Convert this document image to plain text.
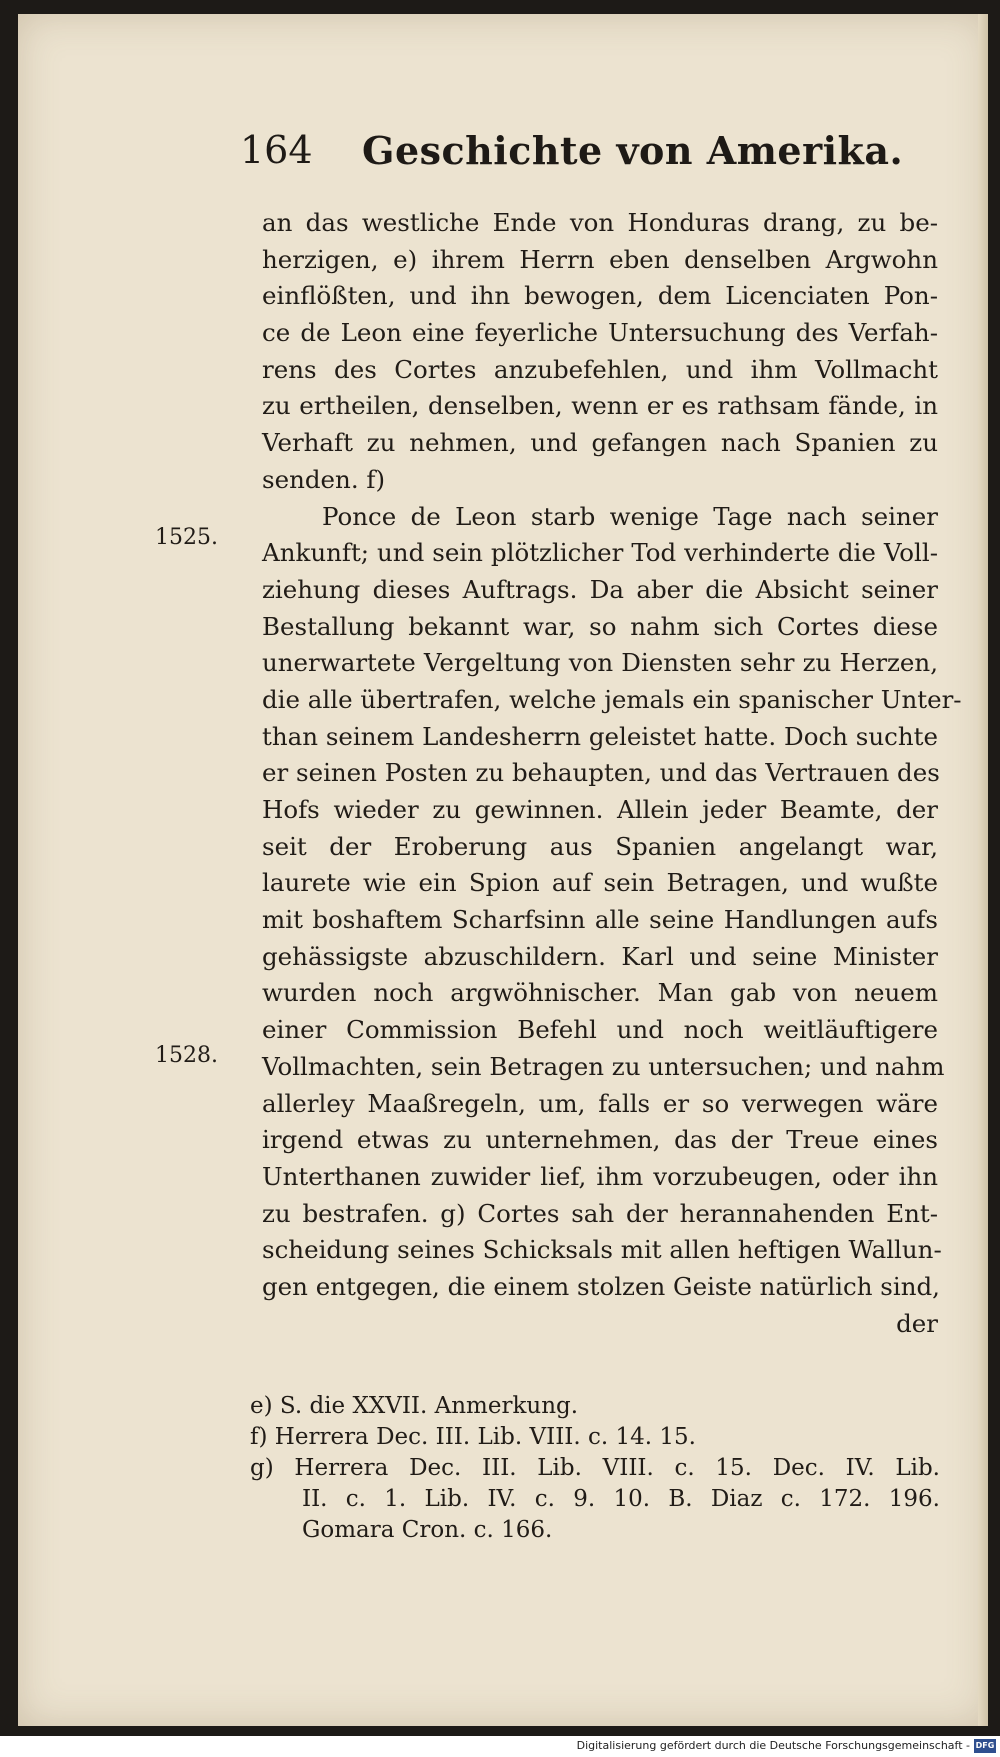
164 Geschichte von Amerika.
1525.
1528.
an das westliche Ende von Honduras drang, zu be-
herzigen, e) ihrem Herrn eben denselben Argwohn
einflößten, und ihn bewogen, dem Licenciaten Pon-
ce de Leon eine feyerliche Untersuchung des Verfah-
rens des Cortes anzubefehlen, und ihm Vollmacht
zu ertheilen, denselben, wenn er es rathsam fände, in
Verhaft zu nehmen, und gefangen nach Spanien zu
senden. f)
Ponce de Leon starb wenige Tage nach seiner
Ankunft; und sein plötzlicher Tod verhinderte die Voll-
ziehung dieses Auftrags. Da aber die Absicht seiner
Bestallung bekannt war, so nahm sich Cortes diese
unerwartete Vergeltung von Diensten sehr zu Herzen,
die alle übertrafen, welche jemals ein spanischer Unter-
than seinem Landesherrn geleistet hatte. Doch suchte
er seinen Posten zu behaupten, und das Vertrauen des
Hofs wieder zu gewinnen. Allein jeder Beamte, der
seit der Eroberung aus Spanien angelangt war,
laurete wie ein Spion auf sein Betragen, und wußte
mit boshaftem Scharfsinn alle seine Handlungen aufs
gehässigste abzuschildern. Karl und seine Minister
wurden noch argwöhnischer. Man gab von neuem
einer Commission Befehl und noch weitläuftigere
Vollmachten, sein Betragen zu untersuchen; und nahm
allerley Maaßregeln, um, falls er so verwegen wäre
irgend etwas zu unternehmen, das der Treue eines
Unterthanen zuwider lief, ihm vorzubeugen, oder ihn
zu bestrafen. g) Cortes sah der herannahenden Ent-
scheidung seines Schicksals mit allen heftigen Wallun-
gen entgegen, die einem stolzen Geiste natürlich sind,
der
e) S. die XXVII. Anmerkung.
f) Herrera Dec. III. Lib. VIII. c. 14. 15.
g) Herrera Dec. III. Lib. VIII. c. 15. Dec. IV. Lib.
II. c. 1. Lib. IV. c. 9. 10. B. Diaz c. 172. 196.
Gomara Cron. c. 166.
Digitalisierung gefördert durch die Deutsche Forschungsgemeinschaft - DFG
